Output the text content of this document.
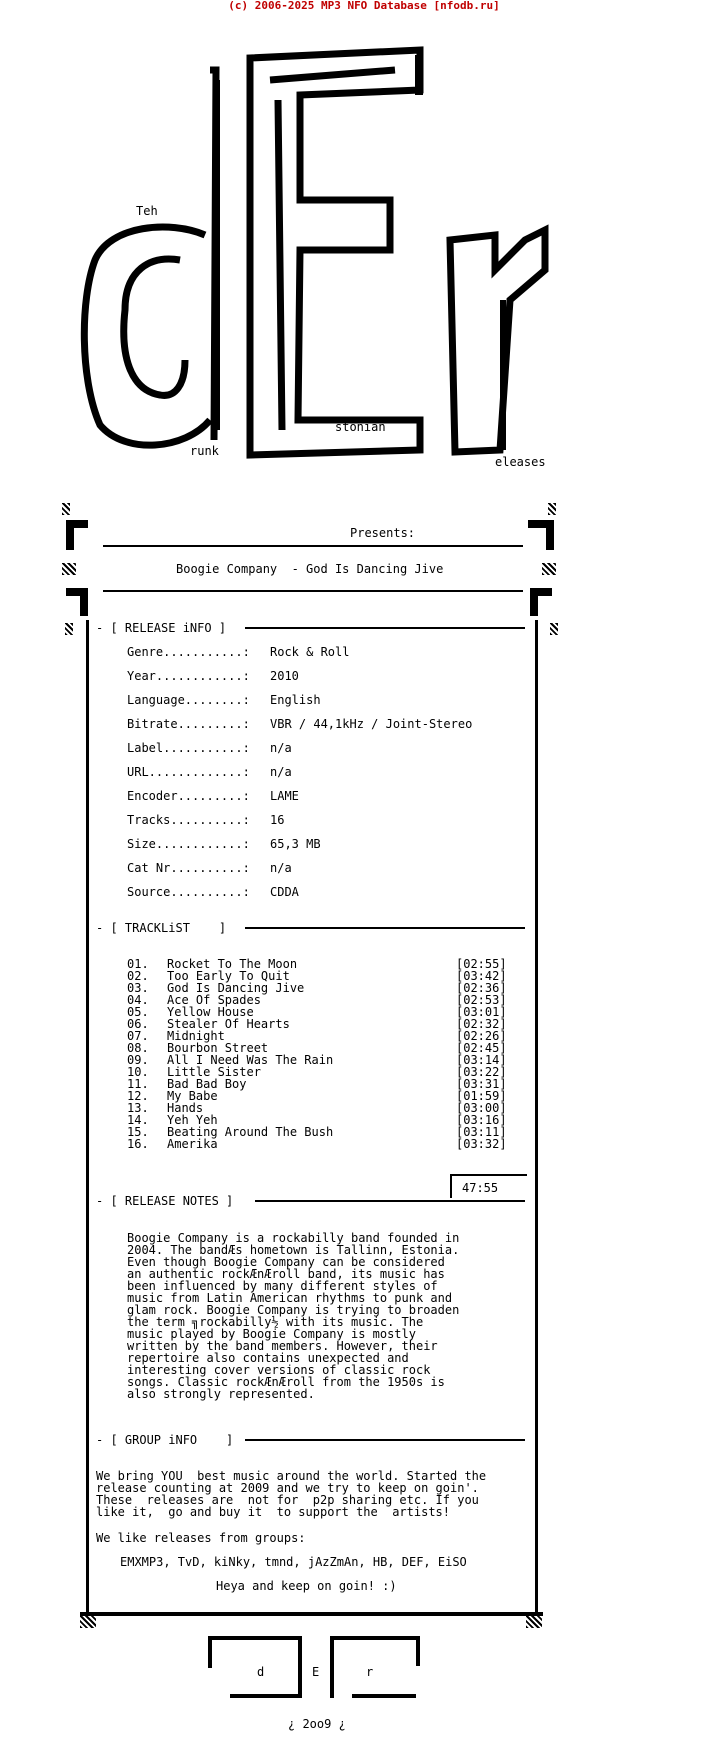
(c) 2006-2025 MP3 NFO Database [nfodb.ru]
Teh
runk
stonian
eleases
Presents:
Boogie Company  - God Is Dancing Jive
- [ RELEASE iNFO ]
Genre...........: Rock & Roll
Year............: 2010
Language........: English
Bitrate.........: VBR / 44,1kHz / Joint-Stereo
Label...........: n/a
URL.............: n/a
Encoder.........: LAME
Tracks..........: 16
Size............: 65,3 MB
Cat Nr..........: n/a
Source..........: CDDA
- [ TRACKLiST    ]
01. Rocket To The Moon	[02:55]
02. Too Early To Quit	[03:42]
03. God Is Dancing Jive	[02:36]
04. Ace Of Spades	[02:53]
05. Yellow House	[03:01]
06. Stealer Of Hearts	[02:32]
07. Midnight	[02:26]
08. Bourbon Street	[02:45]
09. All I Need Was The Rain	[03:14]
10. Little Sister	[03:22]
11. Bad Bad Boy	[03:31]
12. My Babe	[01:59]
13. Hands	[03:00]
14. Yeh Yeh	[03:16]
15. Beating Around The Bush	[03:11]
16. Amerika	[03:32]
47:55
- [ RELEASE NOTES ]
Boogie Company is a rockabilly band founded in
2004. The bandÆs hometown is Tallinn, Estonia.
Even though Boogie Company can be considered
an authentic rockÆnÆroll band, its music has
been influenced by many different styles of
music from Latin American rhythms to punk and
glam rock. Boogie Company is trying to broaden
the term ╗rockabilly½ with its music. The
music played by Boogie Company is mostly
written by the band members. However, their
repertoire also contains unexpected and
interesting cover versions of classic rock
songs. Classic rockÆnÆroll from the 1950s is
also strongly represented.
- [ GROUP iNFO    ]
We bring YOU  best music around the world. Started the
release counting at 2009 and we try to keep on goin'.
These  releases are  not for  p2p sharing etc. If you
like it,  go and buy it  to support the  artists!
We like releases from groups:
EMXMP3, TvD, kiNky, tmnd, jAzZmAn, HB, DEF, EiSO
Heya and keep on goin! :)
d	E	r
¿ 2oo9 ¿
